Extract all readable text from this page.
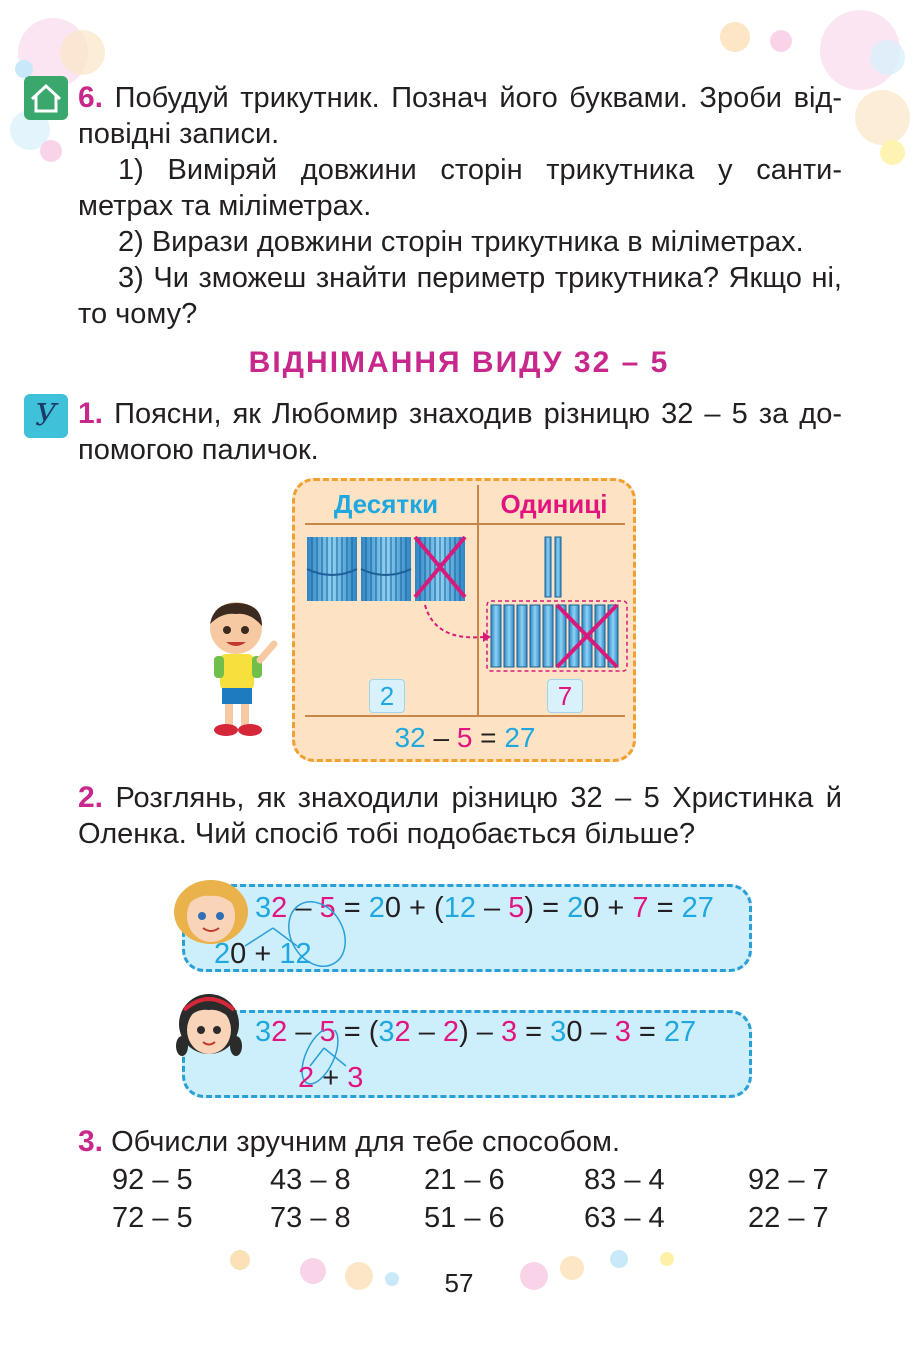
6. Побудуй трикутник. Познач його буквами. Зроби від-
повідні записи.
1) Виміряй довжини сторін трикутника у санти-
метрах та міліметрах.
2) Вирази довжини сторін трикутника в міліметрах.
3) Чи зможеш знайти периметр трикутника? Якщо ні,
то чому?
ВІДНІМАННЯ ВИДУ 32 – 5
У 1. Поясни, як Любомир знаходив різницю 32 – 5 за до-
помогою паличок.
Десятки	Одиниці
2	7
32 – 5 = 27
2. Розглянь, як знаходили різницю 32 – 5 Христинка й
Оленка. Чий спосіб тобі подобається більше?
32 – 5 = 20 + (12 – 5) = 20 + 7 = 27
20 + 12
32 – 5 = (32 – 2) – 3 = 30 – 3 = 27
2 + 3
3. Обчисли зручним для тебе способом.
92 – 5	43 – 8	21 – 6	83 – 4	92 – 7
72 – 5	73 – 8	51 – 6	63 – 4	22 – 7
57
